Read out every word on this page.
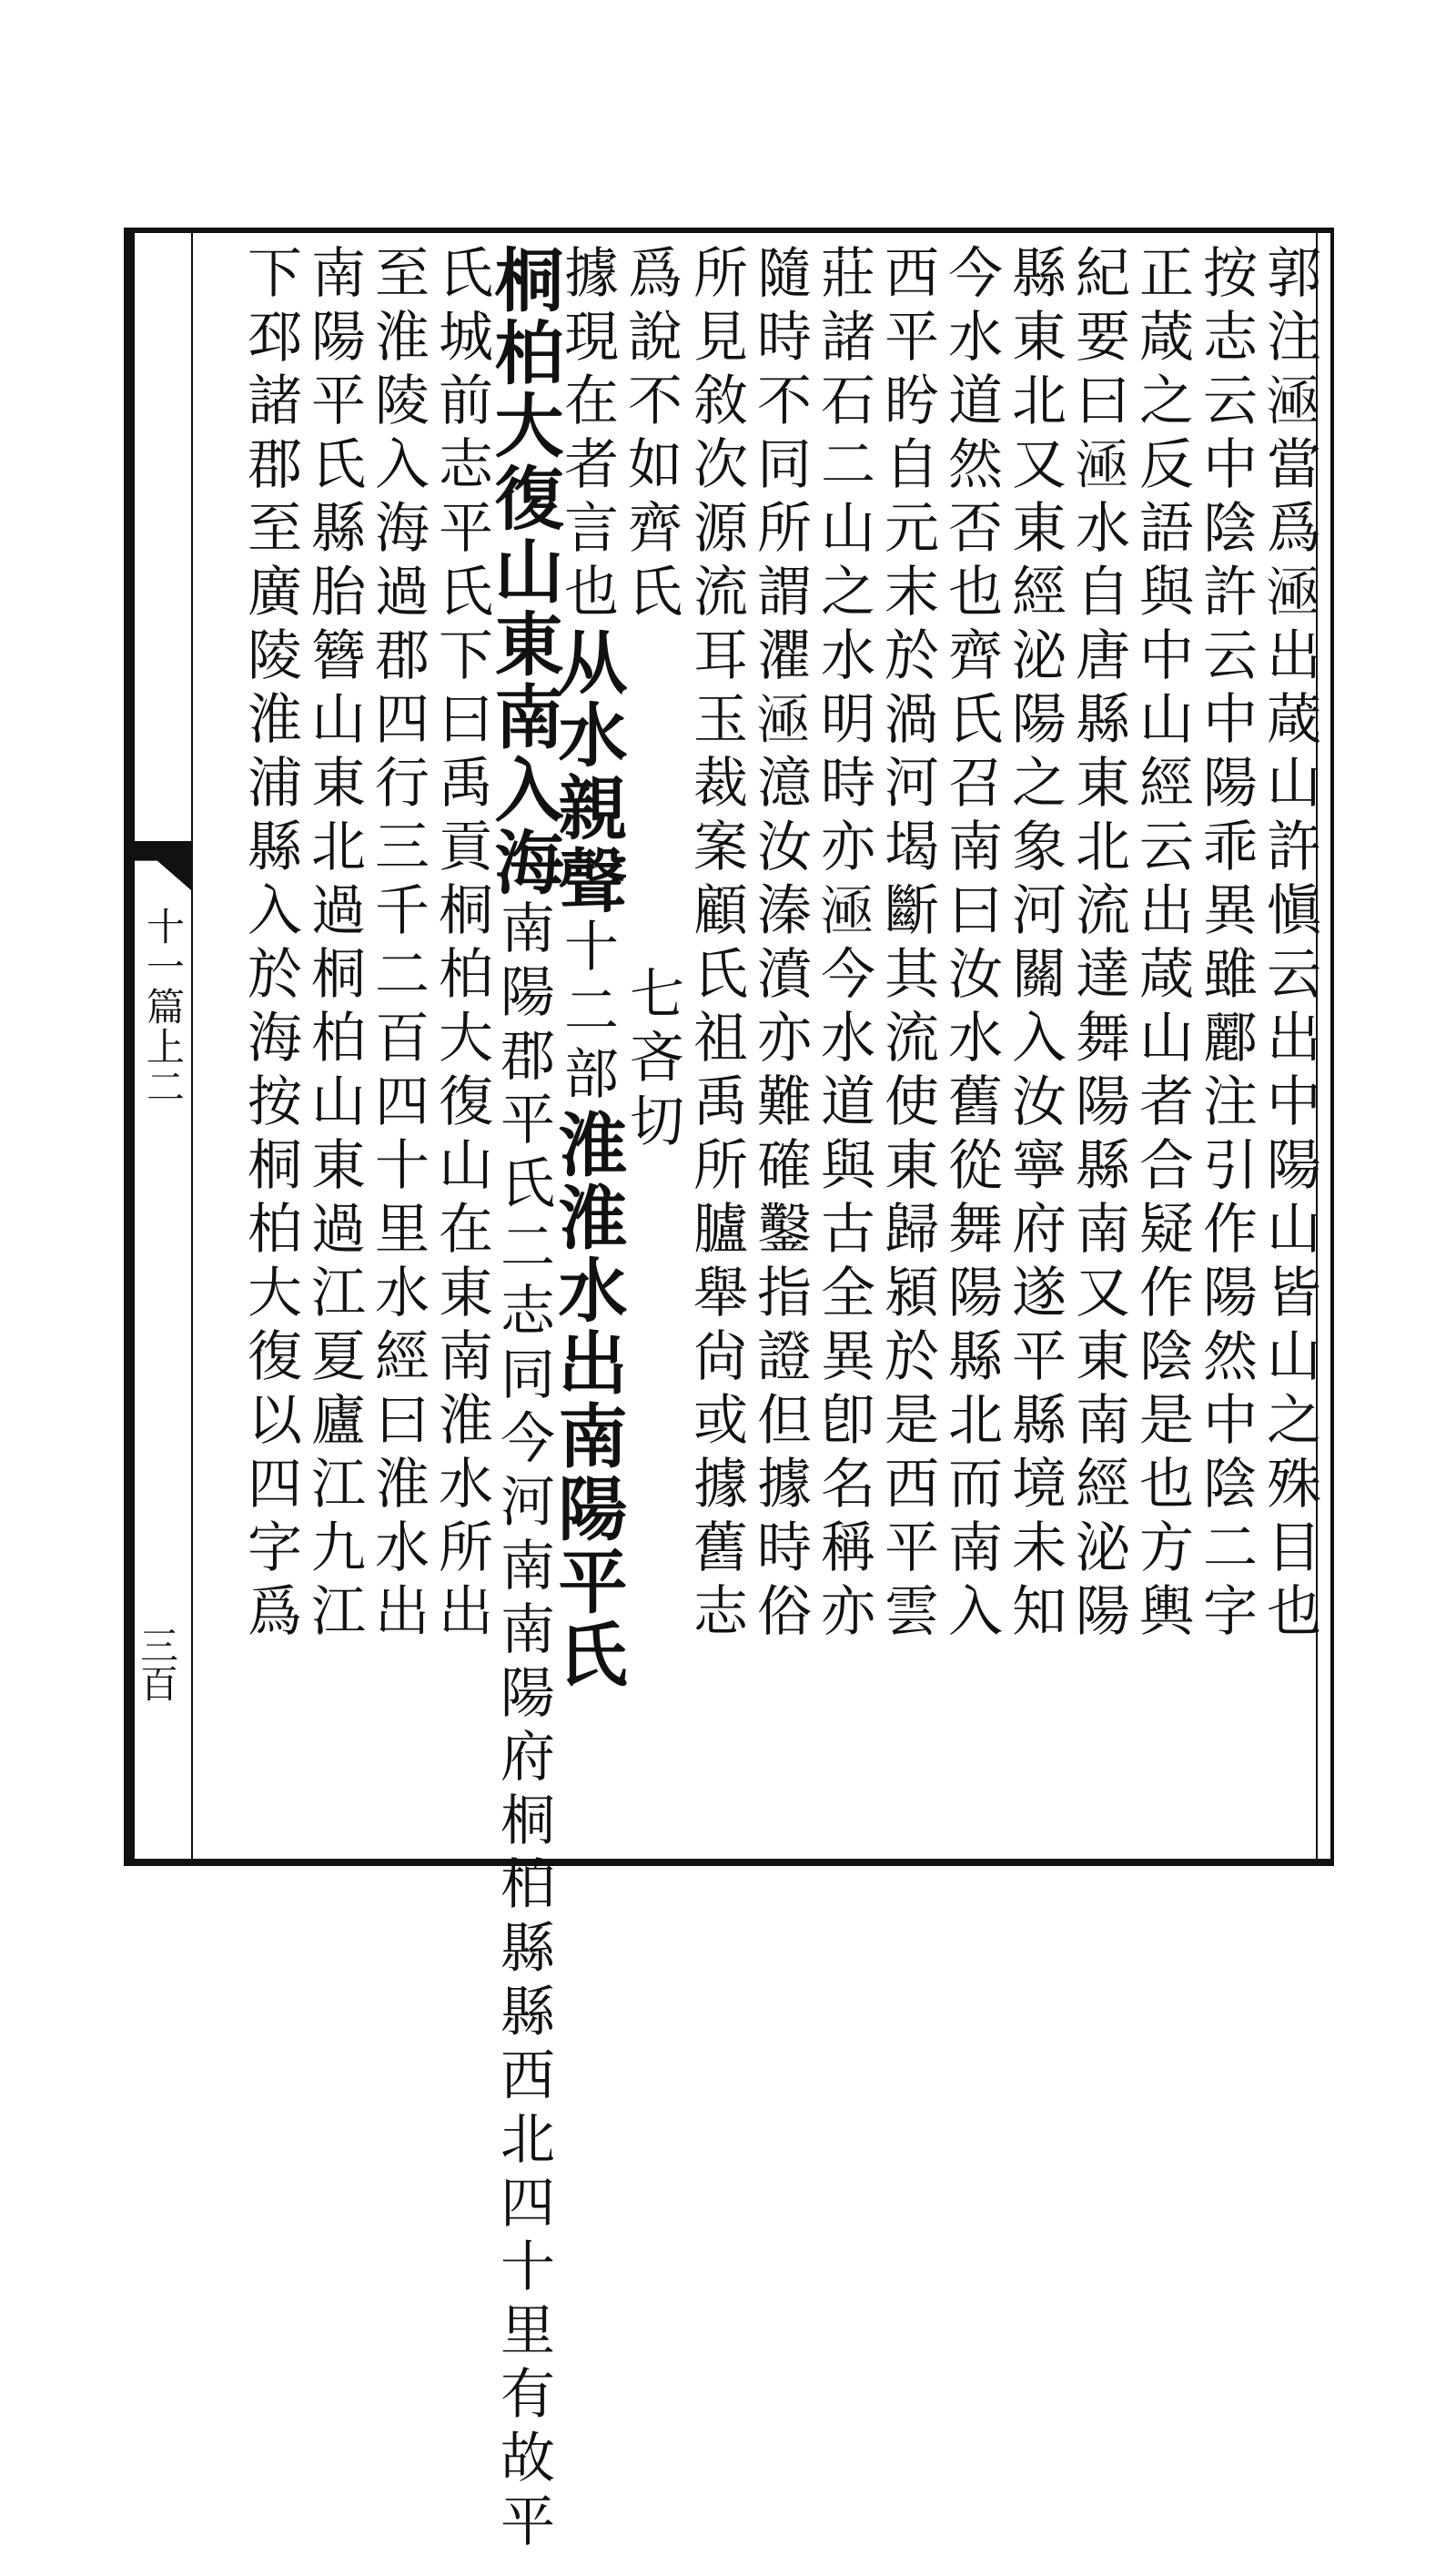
十一篇上二
三百
郭注𣶬當爲𣶬出葴山許愼云出中陽山皆山之殊目也
按志云中陰許云中陽乖異雖酈注引作陽然中陰二字
正葴之反語與中山經云出葴山者合疑作陰是也方輿
紀要曰𣶬水自唐縣東北流達舞陽縣南又東南經泌陽
縣東北又東經泌陽之象河關入汝寧府遂平縣境未知
今水道然否也齊氏召南曰汝水舊從舞陽縣北而南入
西平盻自元末於渦河堨斷其流使東歸潁於是西平雲
莊諸石二山之水明時亦𣶬今水道與古全異卽名稱亦
隨時不同所謂灈𣶬澺汝溱濆亦難確鑿指證但據時俗
所見敘次源流耳玉裁案顧氏祖禹所臚舉尙或據舊志
爲說不如齊氏
七吝切
據現在者言也从水親聲十二部淮淮水出南陽平氏
桐柏大復山東南入海南陽郡平氏二志同今河南南陽府桐柏縣縣西北四十里有故平
氏城前志平氏下曰禹貢桐柏大復山在東南淮水所出
至淮陵入海過郡四行三千二百四十里水經曰淮水出
南陽平氏縣胎簪山東北過桐柏山東過江夏廬江九江
下邳諸郡至廣陵淮浦縣入於海按桐柏大復以四字爲
